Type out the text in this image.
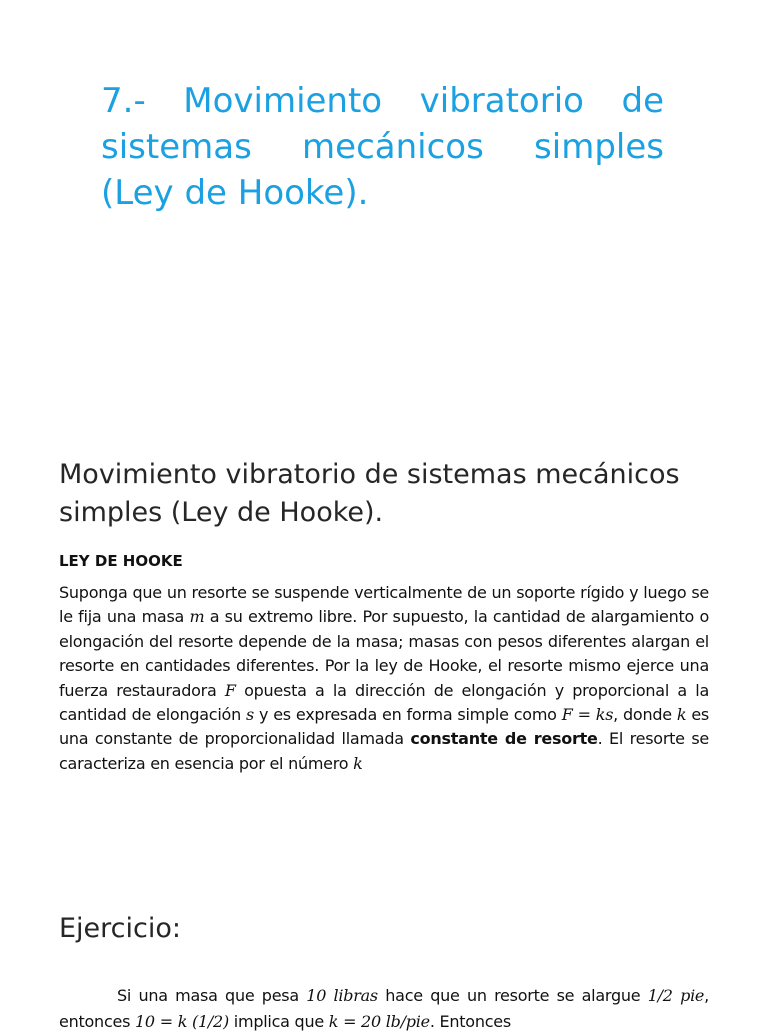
7.- Movimiento vibratorio de sistemas mecánicos simples (Ley de Hooke).
Movimiento vibratorio de sistemas mecánicos simples (Ley de Hooke).
LEY DE HOOKE

Suponga que un resorte se suspende verticalmente de un soporte rígido y luego se le fija una masa m a su extremo libre. Por supuesto, la cantidad de alargamiento o elongación del resorte depende de la masa; masas con pesos diferentes alargan el resorte en cantidades diferentes. Por la ley de Hooke, el resorte mismo ejerce una fuerza restauradora F opuesta a la dirección de elongación y proporcional a la cantidad de elongación s y es expresada en forma simple como F = ks, donde k es una constante de proporcionalidad llamada constante de resorte. El resorte se caracteriza en esencia por el número k

Ejercicio:

Si una masa que pesa 10 libras hace que un resorte se alargue 1/2 pie, entonces 10 = k (1/2) implica que k = 20 lb/pie. Entonces
